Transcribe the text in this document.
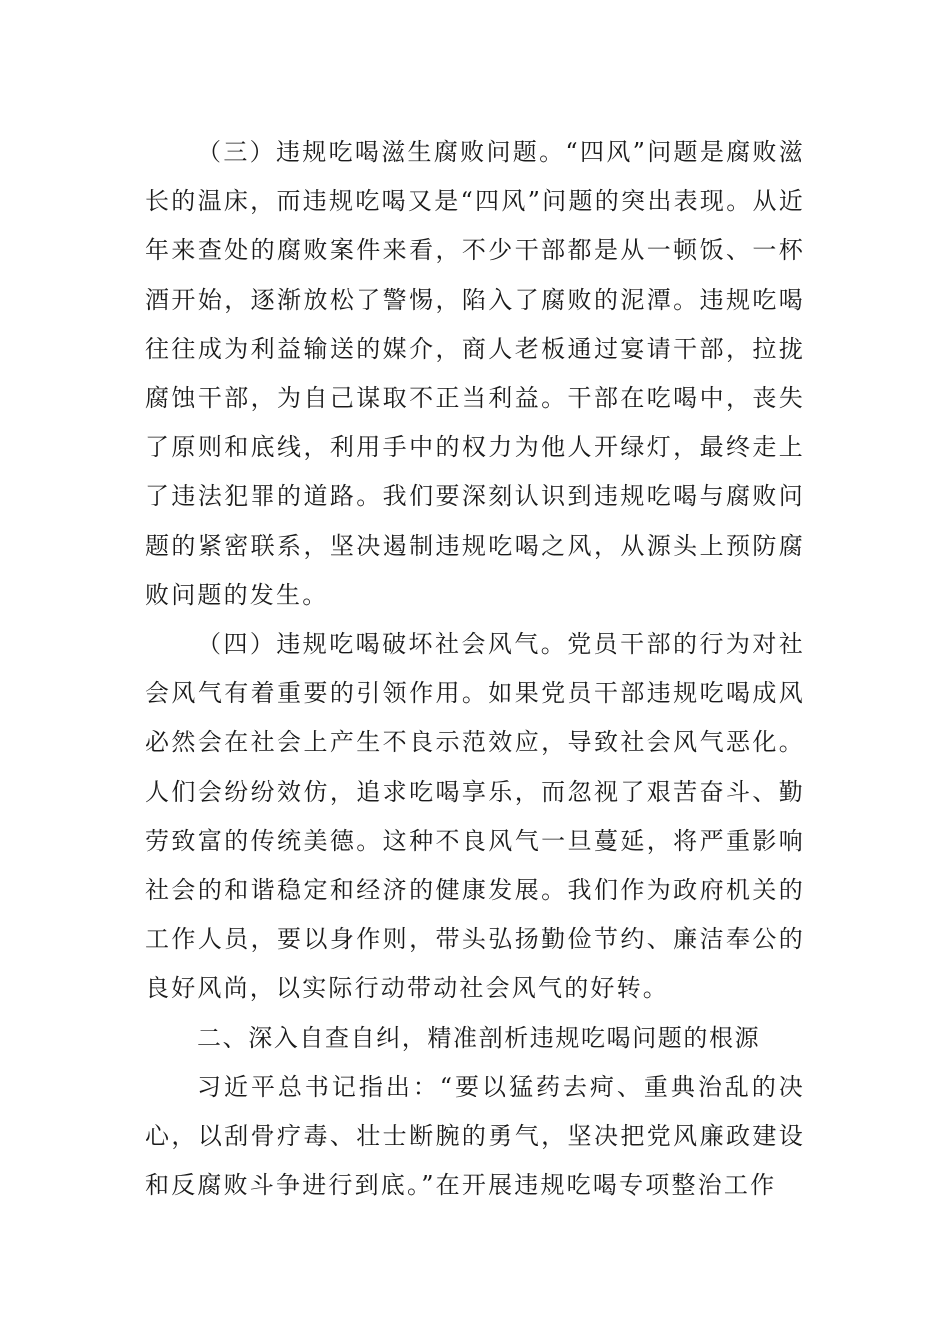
（三）违规吃喝滋生腐败问题。“四风”问题是腐败滋长的温床，而违规吃喝又是“四风”问题的突出表现。从近年来查处的腐败案件来看，不少干部都是从一顿饭、一杯酒开始，逐渐放松了警惕，陷入了腐败的泥潭。违规吃喝往往成为利益输送的媒介，商人老板通过宴请干部，拉拢腐蚀干部，为自己谋取不正当利益。干部在吃喝中，丧失了原则和底线，利用手中的权力为他人开绿灯，最终走上了违法犯罪的道路。我们要深刻认识到违规吃喝与腐败问题的紧密联系，坚决遏制违规吃喝之风，从源头上预防腐败问题的发生。

（四）违规吃喝破坏社会风气。党员干部的行为对社会风气有着重要的引领作用。如果党员干部违规吃喝成风必然会在社会上产生不良示范效应，导致社会风气恶化。人们会纷纷效仿，追求吃喝享乐，而忽视了艰苦奋斗、勤劳致富的传统美德。这种不良风气一旦蔓延，将严重影响社会的和谐稳定和经济的健康发展。我们作为政府机关的工作人员，要以身作则，带头弘扬勤俭节约、廉洁奉公的良好风尚，以实际行动带动社会风气的好转。

二、深入自查自纠，精准剖析违规吃喝问题的根源

习近平总书记指出：“要以猛药去疴、重典治乱的决心，以刮骨疗毒、壮士断腕的勇气，坚决把党风廉政建设和反腐败斗争进行到底。”在开展违规吃喝专项整治工作
